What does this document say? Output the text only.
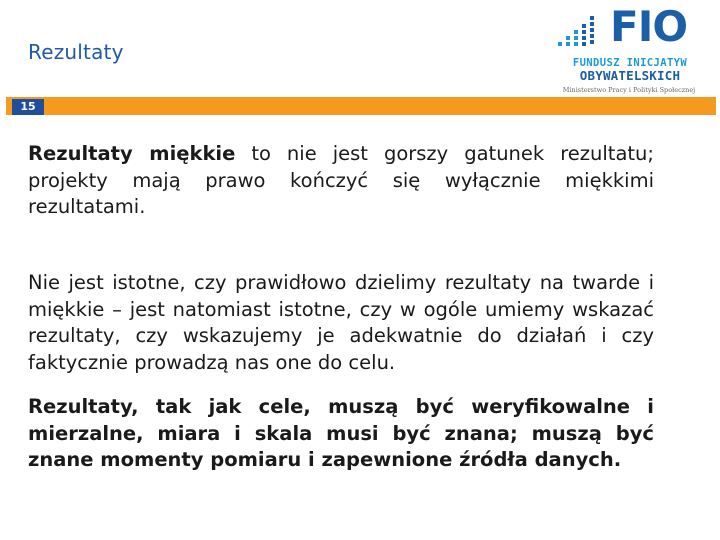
Rezultaty
FIO
FUNDUSZ INICJATYW
OBYWATELSKICH
Ministerstwo Pracy i Polityki Społecznej
15

Rezultaty miękkie to nie jest gorszy gatunek rezultatu; projekty mają prawo kończyć się wyłącznie miękkimi rezultatami.

Nie jest istotne, czy prawidłowo dzielimy rezultaty na twarde i miękkie – jest natomiast istotne, czy w ogóle umiemy wskazać rezultaty, czy wskazujemy je adekwatnie do działań i czy faktycznie prowadzą nas one do celu.

Rezultaty, tak jak cele, muszą być weryfikowalne i mierzalne, miara i skala musi być znana; muszą być znane momenty pomiaru i zapewnione źródła danych.
